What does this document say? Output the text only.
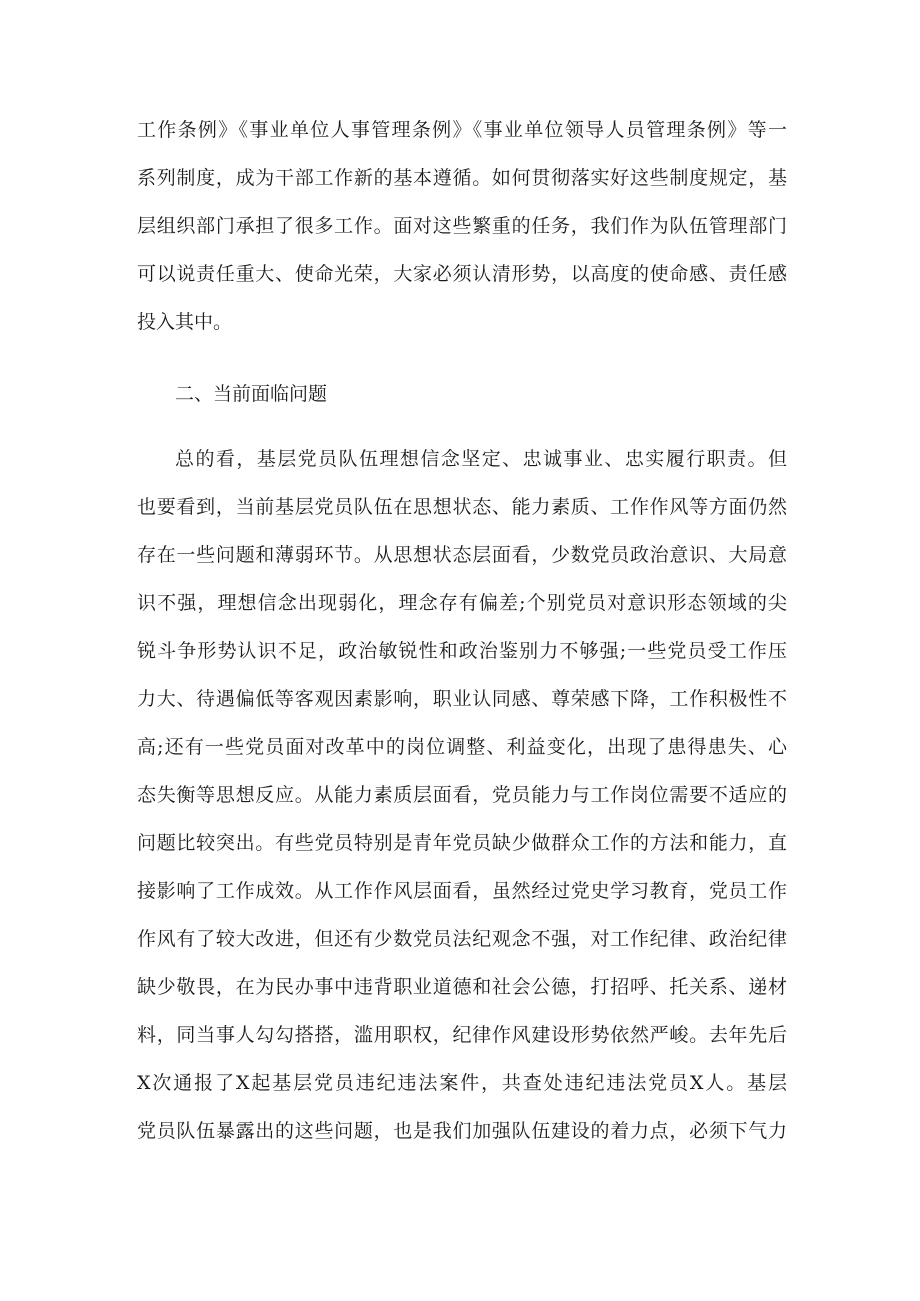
工作条例》《事业单位人事管理条例》《事业单位领导人员管理条例》等一
系列制度，成为干部工作新的基本遵循。如何贯彻落实好这些制度规定，基
层组织部门承担了很多工作。面对这些繁重的任务，我们作为队伍管理部门
可以说责任重大、使命光荣，大家必须认清形势，以高度的使命感、责任感
投入其中。
二、当前面临问题
总的看，基层党员队伍理想信念坚定、忠诚事业、忠实履行职责。但
也要看到，当前基层党员队伍在思想状态、能力素质、工作作风等方面仍然
存在一些问题和薄弱环节。从思想状态层面看，少数党员政治意识、大局意
识不强，理想信念出现弱化，理念存有偏差;个别党员对意识形态领域的尖
锐斗争形势认识不足，政治敏锐性和政治鉴别力不够强;一些党员受工作压
力大、待遇偏低等客观因素影响，职业认同感、尊荣感下降，工作积极性不
高;还有一些党员面对改革中的岗位调整、利益变化，出现了患得患失、心
态失衡等思想反应。从能力素质层面看，党员能力与工作岗位需要不适应的
问题比较突出。有些党员特别是青年党员缺少做群众工作的方法和能力，直
接影响了工作成效。从工作作风层面看，虽然经过党史学习教育，党员工作
作风有了较大改进，但还有少数党员法纪观念不强，对工作纪律、政治纪律
缺少敬畏，在为民办事中违背职业道德和社会公德，打招呼、托关系、递材
料，同当事人勾勾搭搭，滥用职权，纪律作风建设形势依然严峻。去年先后
X次通报了X起基层党员违纪违法案件，共查处违纪违法党员X人。基层
党员队伍暴露出的这些问题，也是我们加强队伍建设的着力点，必须下气力
